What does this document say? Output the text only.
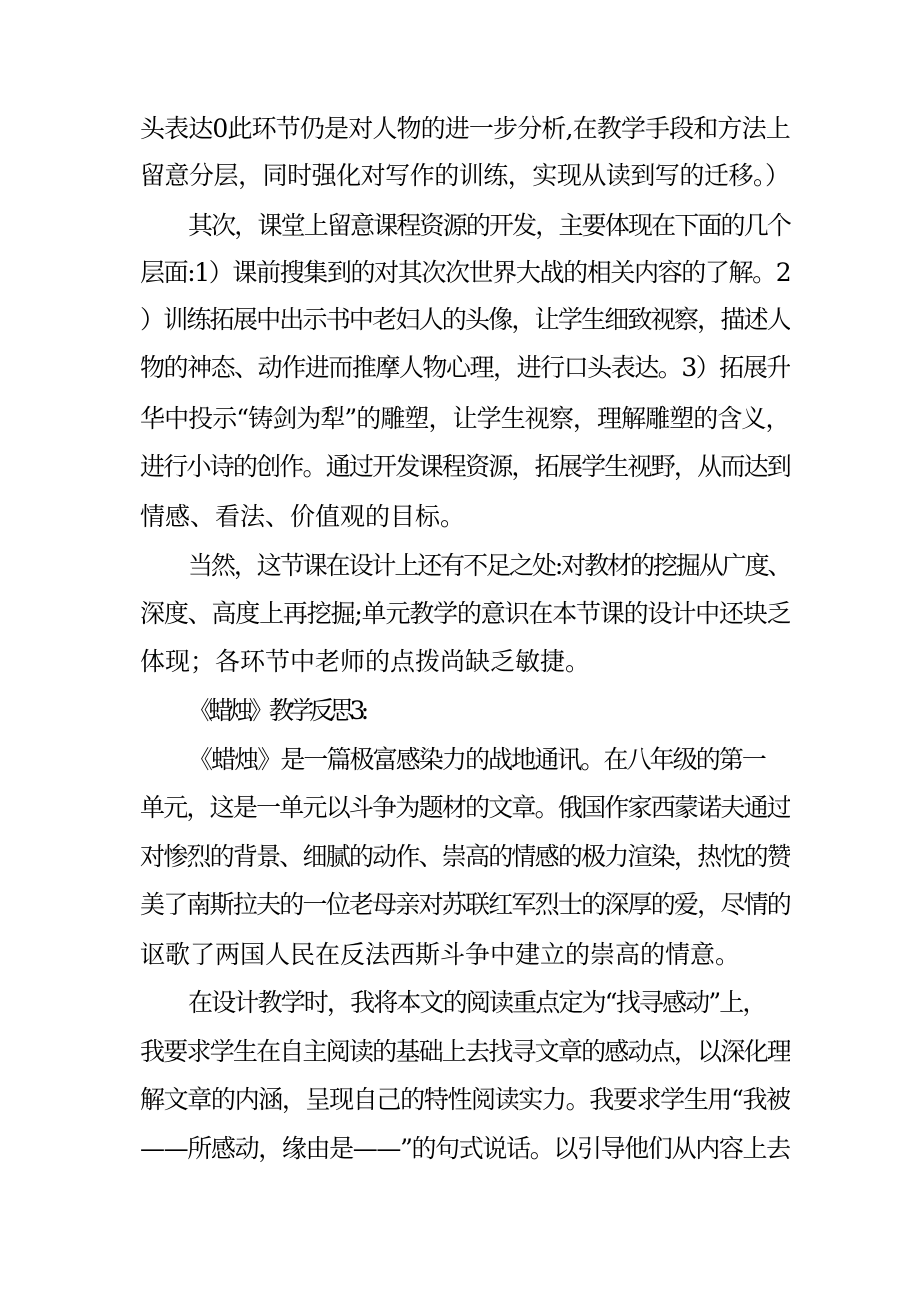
头表达0此环节仍是对人物的进一步分析,在教学手段和方法上
留意分层，同时强化对写作的训练，实现从读到写的迁移。）
其次，课堂上留意课程资源的开发，主要体现在下面的几个
层面:1）课前搜集到的对其次次世界大战的相关内容的了解。2
）训练拓展中出示书中老妇人的头像，让学生细致视察，描述人
物的神态、动作进而推摩人物心理，进行口头表达。3）拓展升
华中投示“铸剑为犁”的雕塑，让学生视察，理解雕塑的含义，
进行小诗的创作。通过开发课程资源，拓展学生视野，从而达到
情感、看法、价值观的目标。
当然，这节课在设计上还有不足之处:对教材的挖掘从广度、
深度、高度上再挖掘;单元教学的意识在本节课的设计中还块乏
体现；各环节中老师的点拨尚缺乏敏捷。
《蜡烛》教学反思3:
《蜡烛》是一篇极富感染力的战地通讯。在八年级的第一
单元，这是一单元以斗争为题材的文章。俄国作家西蒙诺夫通过
对惨烈的背景、细腻的动作、崇高的情感的极力渲染，热忱的赞
美了南斯拉夫的一位老母亲对苏联红军烈士的深厚的爱，尽情的
讴歌了两国人民在反法西斯斗争中建立的崇高的情意。
在设计教学时，我将本文的阅读重点定为“找寻感动”上，
我要求学生在自主阅读的基础上去找寻文章的感动点，以深化理
解文章的内涵，呈现自己的特性阅读实力。我要求学生用“我被
——所感动，缘由是——”的句式说话。以引导他们从内容上去
